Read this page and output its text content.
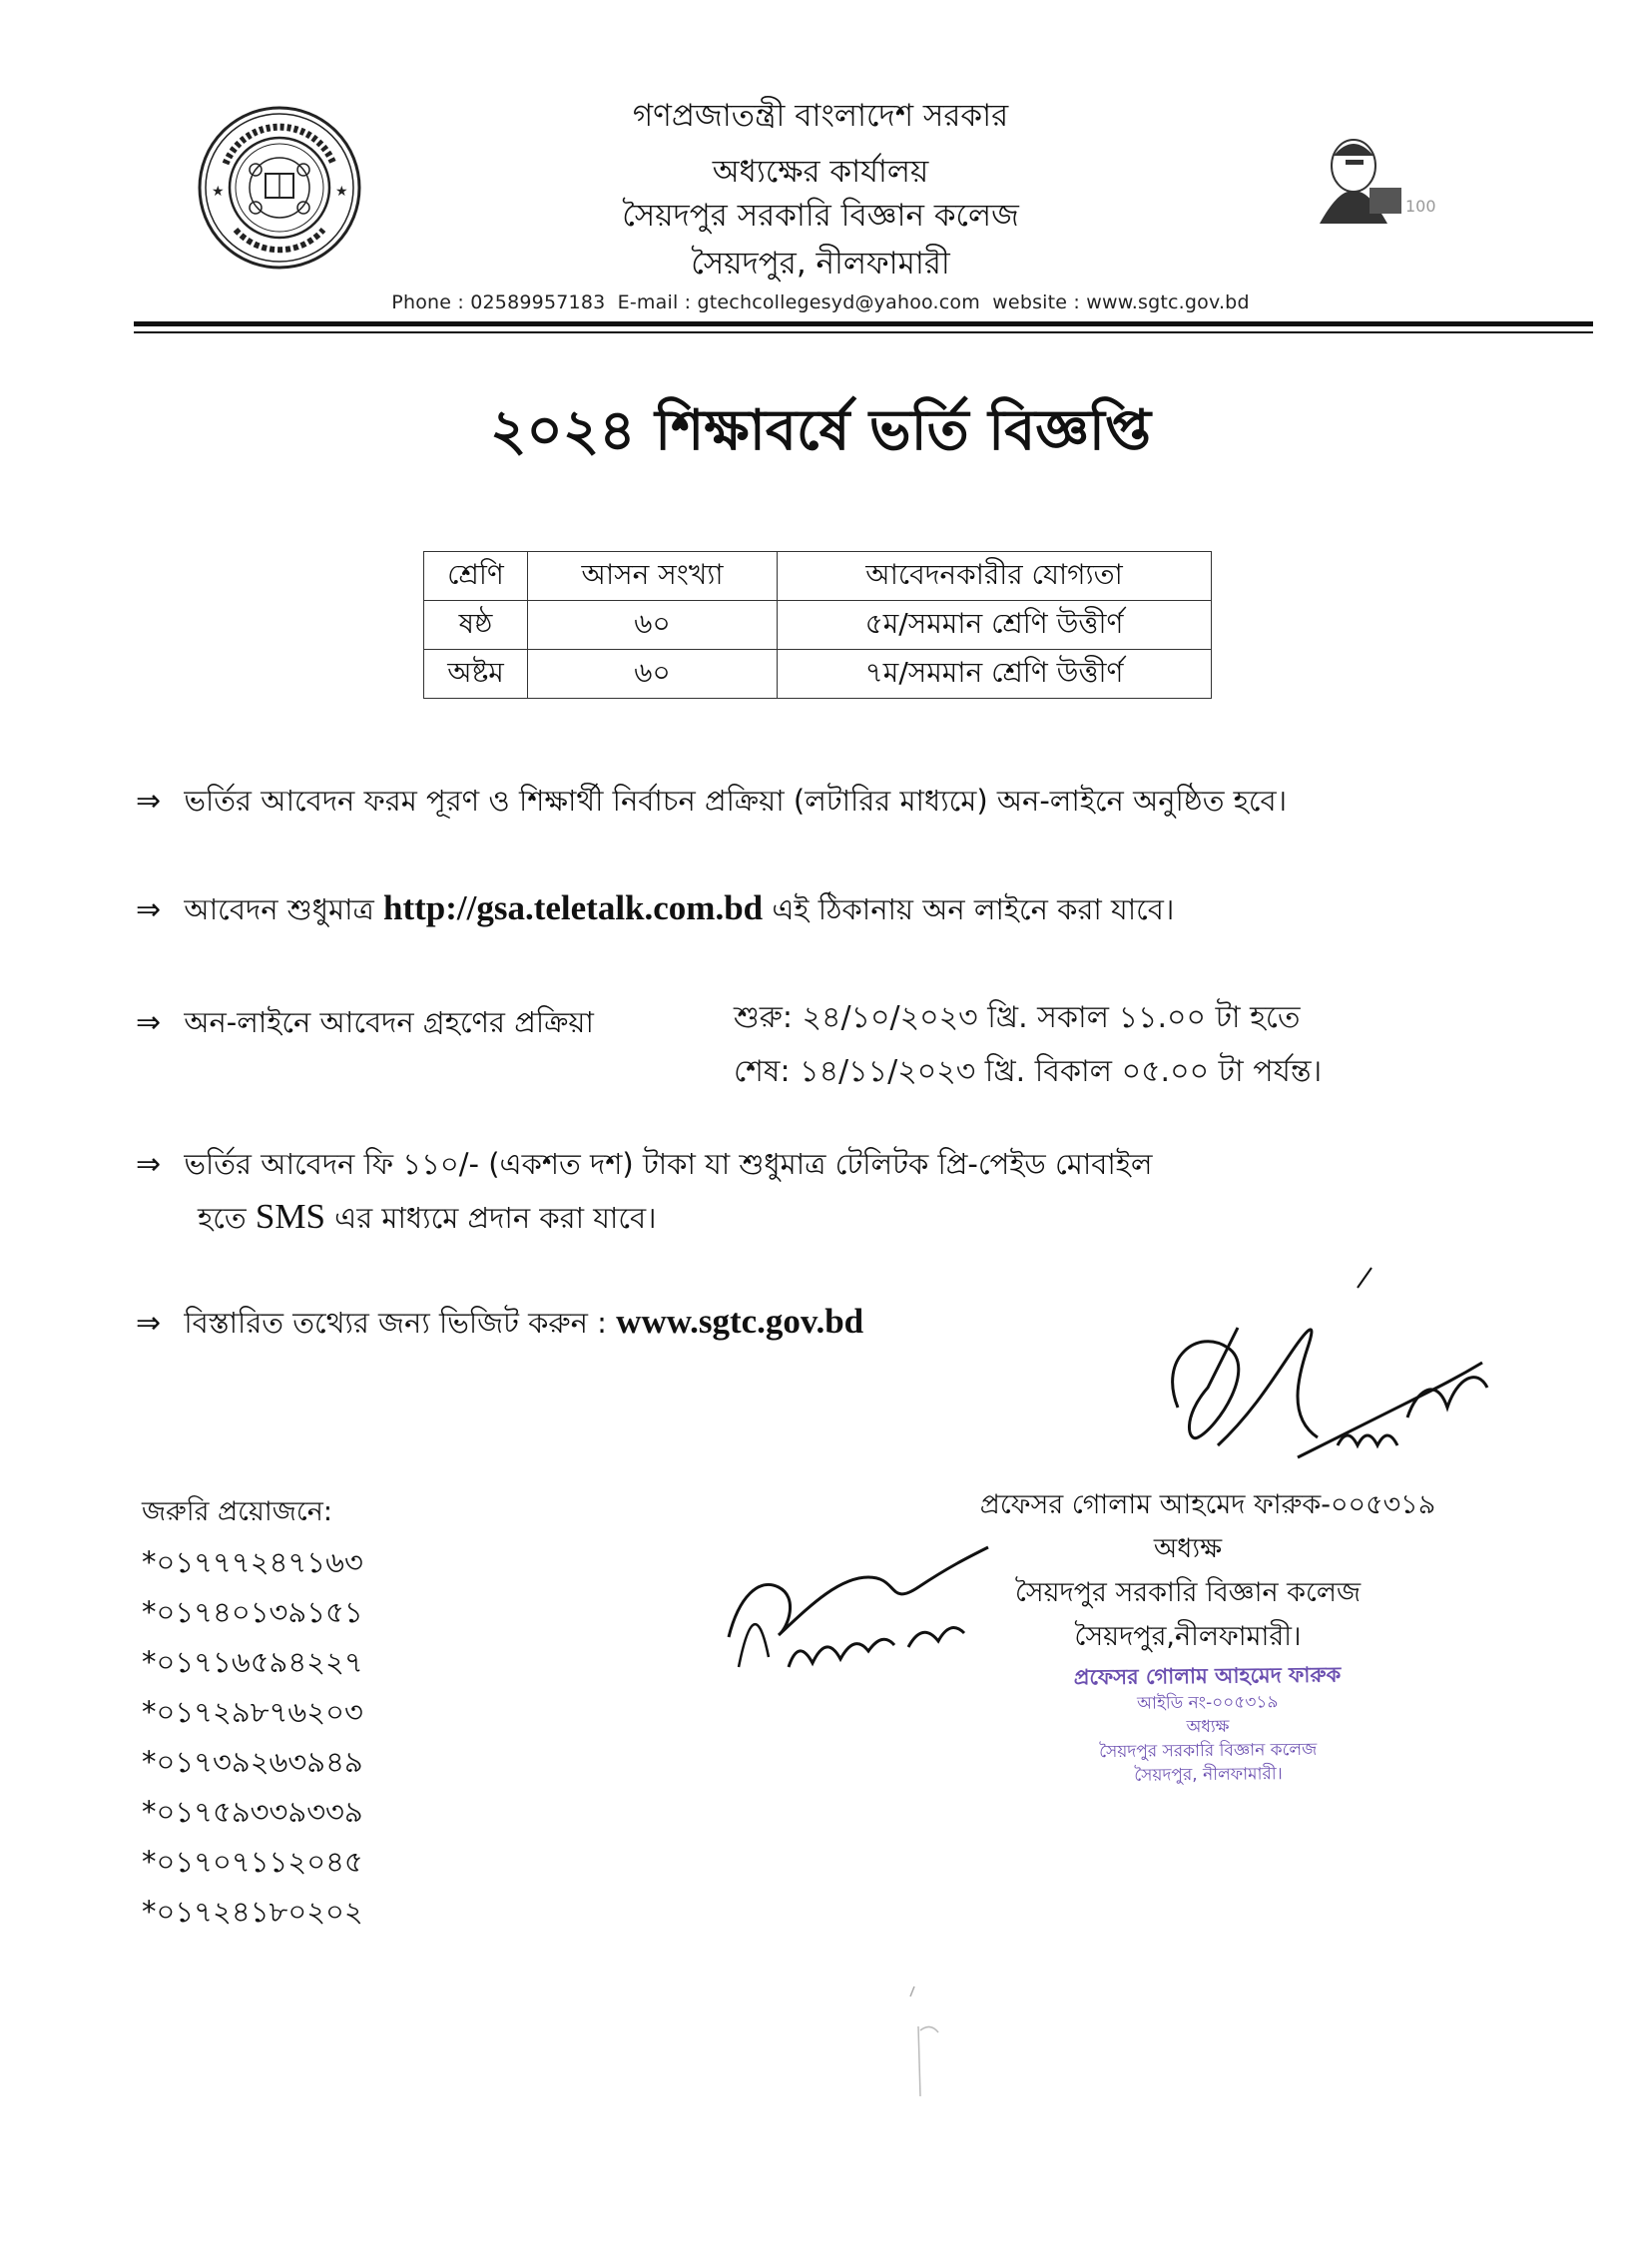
★	★
গণপ্রজাতন্ত্রী বাংলাদেশ সরকার
অধ্যক্ষের কার্যালয়
সৈয়দপুর সরকারি বিজ্ঞান কলেজ
সৈয়দপুর, নীলফামারী
100
Phone : 02589957183 E-mail : gtechcollegesyd@yahoo.com website : www.sgtc.gov.bd
২০২৪ শিক্ষাবর্ষে ভর্তি বিজ্ঞপ্তি
শ্রেণি	আসন সংখ্যা	আবেদনকারীর যোগ্যতা
ষষ্ঠ	৬০	৫ম/সমমান শ্রেণি উত্তীর্ণ
অষ্টম	৬০	৭ম/সমমান শ্রেণি উত্তীর্ণ
⇒ ভর্তির আবেদন ফরম পূরণ ও শিক্ষার্থী নির্বাচন প্রক্রিয়া (লটারির মাধ্যমে) অন-লাইনে অনুষ্ঠিত হবে।
⇒ আবেদন শুধুমাত্র http://gsa.teletalk.com.bd এই ঠিকানায় অন লাইনে করা যাবে।
⇒ অন-লাইনে আবেদন গ্রহণের প্রক্রিয়া	শুরু: ২৪/১০/২০২৩ খ্রি. সকাল ১১.০০ টা হতে
শেষ: ১৪/১১/২০২৩ খ্রি. বিকাল ০৫.০০ টা পর্যন্ত।
⇒ ভর্তির আবেদন ফি ১১০/- (একশত দশ) টাকা যা শুধুমাত্র টেলিটক প্রি-পেইড মোবাইল
হতে SMS এর মাধ্যমে প্রদান করা যাবে।
⇒ বিস্তারিত তথ্যের জন্য ভিজিট করুন : www.sgtc.gov.bd
জরুরি প্রয়োজনে:
*০১৭৭৭২৪৭১৬৩
*০১৭৪০১৩৯১৫১
*০১৭১৬৫৯৪২২৭
*০১৭২৯৮৭৬২০৩
*০১৭৩৯২৬৩৯৪৯
*০১৭৫৯৩৩৯৩৩৯
*০১৭০৭১১২০৪৫
*০১৭২৪১৮০২০২
প্রফেসর গোলাম আহমেদ ফারুক-০০৫৩১৯
অধ্যক্ষ
সৈয়দপুর সরকারি বিজ্ঞান কলেজ
সৈয়দপুর,নীলফামারী।
প্রফেসর গোলাম আহমেদ ফারুক
আইডি নং-০০৫৩১৯
অধ্যক্ষ
সৈয়দপুর সরকারি বিজ্ঞান কলেজ
সৈয়দপুর, নীলফামারী।
